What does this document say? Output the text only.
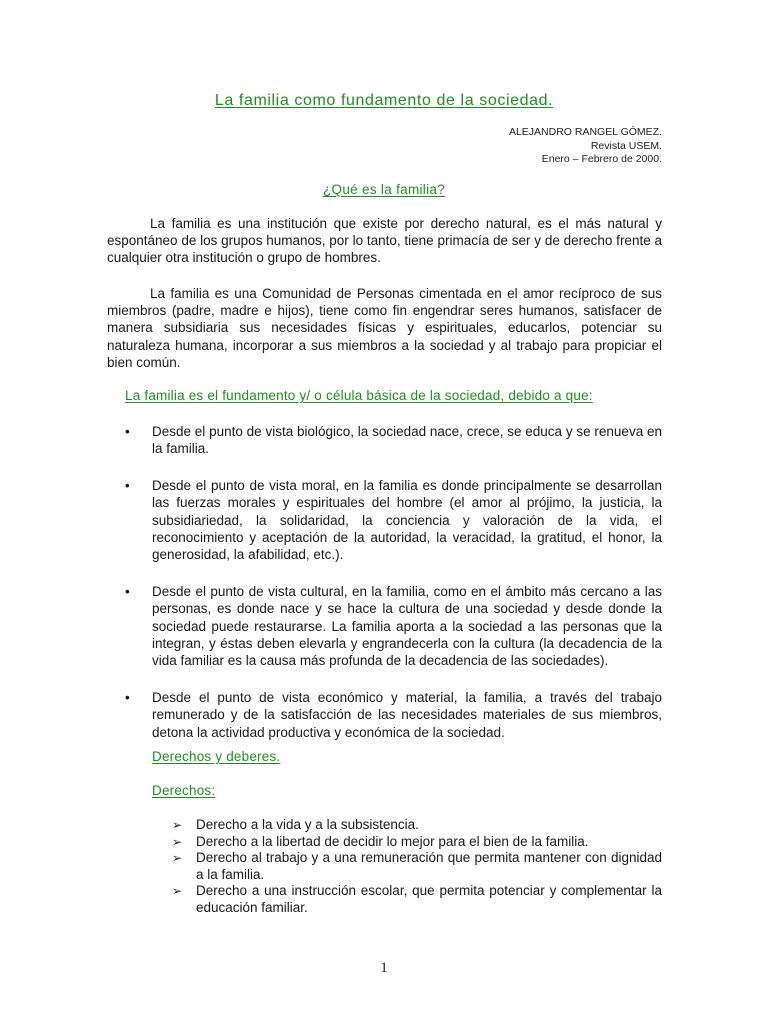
La familia como fundamento de la sociedad.
ALEJANDRO RANGEL GÓMEZ.
Revista USEM.
Enero – Febrero de 2000.
¿Qué es la familia?

La familia es una institución que existe por derecho natural, es el más natural y espontáneo de los grupos humanos, por lo tanto, tiene primacía de ser y de derecho frente a cualquier otra institución o grupo de hombres.

La familia es una Comunidad de Personas cimentada en el amor recíproco de sus miembros (padre, madre e hijos), tiene como fin engendrar seres humanos, satisfacer de manera subsidiaria sus necesidades físicas y espirituales, educarlos, potenciar su naturaleza humana, incorporar a sus miembros a la sociedad y al trabajo para propiciar el bien común.

La familia es el fundamento y/ o célula básica de la sociedad, debido a que:
• Desde el punto de vista biológico, la sociedad nace, crece, se educa y se renueva en la familia.
• Desde el punto de vista moral, en la familia es donde principalmente se desarrollan las fuerzas morales y espirituales del hombre (el amor al prójimo, la justicia, la subsidiariedad, la solidaridad, la conciencia y valoración de la vida, el reconocimiento y aceptación de la autoridad, la veracidad, la gratitud, el honor, la generosidad, la afabilidad, etc.).
• Desde el punto de vista cultural, en la familia, como en el ámbito más cercano a las personas, es donde nace y se hace la cultura de una sociedad y desde donde la sociedad puede restaurarse. La familia aporta a la sociedad a las personas que la integran, y éstas deben elevarla y engrandecerla con la cultura (la decadencia de la vida familiar es la causa más profunda de la decadencia de las sociedades).
• Desde el punto de vista económico y material, la familia, a través del trabajo remunerado y de la satisfacción de las necesidades materiales de sus miembros, detona la actividad productiva y económica de la sociedad.
Derechos y deberes.
Derechos:
➢ Derecho a la vida y a la subsistencia.
➢ Derecho a la libertad de decidir lo mejor para el bien de la familia.
➢ Derecho al trabajo y a una remuneración que permita mantener con dignidad a la familia.
➢ Derecho a una instrucción escolar, que permita potenciar y complementar la educación familiar.
1
